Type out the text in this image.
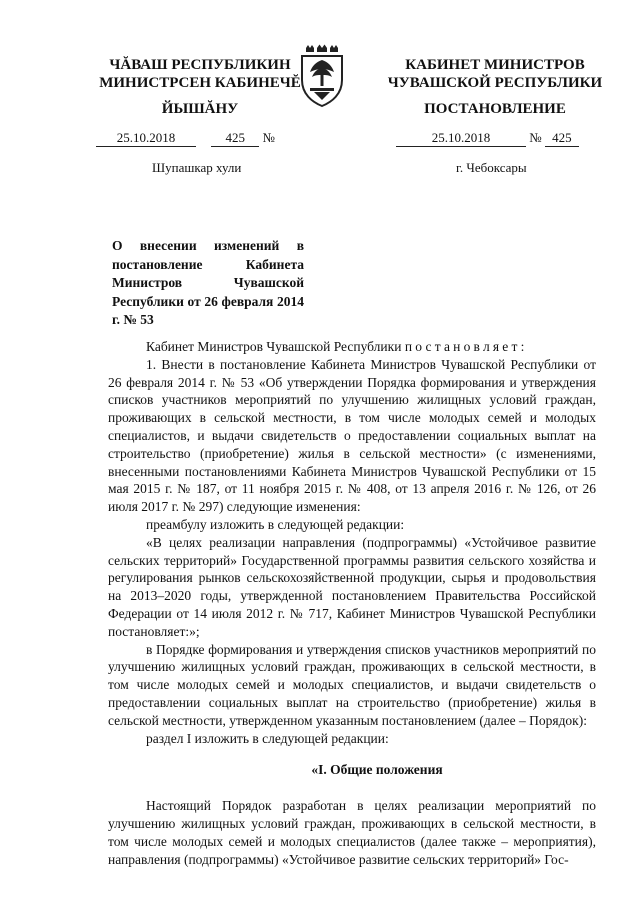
ЧĂВАШ РЕСПУБЛИКИН
МИНИСТРСЕН КАБИНЕЧĔ
ЙЫШĂНУ
КАБИНЕТ МИНИСТРОВ
ЧУВАШСКОЙ РЕСПУБЛИКИ
ПОСТАНОВЛЕНИЕ
25.10.2018	425 №	25.10.2018	№ 425
Шупашкар хули	г. Чебоксары
О внесении изменений в постановление Кабинета Министров Чувашской Республики от 26 февраля 2014 г. № 53

Кабинет Министров Чувашской Республики постановляет:

1. Внести в постановление Кабинета Министров Чувашской Республики от 26 февраля 2014 г. № 53 «Об утверждении Порядка формирования и утверждения списков участников мероприятий по улучшению жилищных условий граждан, проживающих в сельской местности, в том числе молодых семей и молодых специалистов, и выдачи свидетельств о предоставлении социальных выплат на строительство (приобретение) жилья в сельской местности» (с изменениями, внесенными постановлениями Кабинета Министров Чувашской Республики от 15 мая 2015 г. № 187, от 11 ноября 2015 г. № 408, от 13 апреля 2016 г. № 126, от 26 июля 2017 г. № 297) следующие изменения:

преамбулу изложить в следующей редакции:

«В целях реализации направления (подпрограммы) «Устойчивое развитие сельских территорий» Государственной программы развития сельского хозяйства и регулирования рынков сельскохозяйственной продукции, сырья и продовольствия на 2013–2020 годы, утвержденной постановлением Правительства Российской Федерации от 14 июля 2012 г. № 717, Кабинет Министров Чувашской Республики постановляет:»;

в Порядке формирования и утверждения списков участников мероприятий по улучшению жилищных условий граждан, проживающих в сельской местности, в том числе молодых семей и молодых специалистов, и выдачи свидетельств о предоставлении социальных выплат на строительство (приобретение) жилья в сельской местности, утвержденном указанным постановлением (далее – Порядок):

раздел I изложить в следующей редакции:

«I. Общие положения

Настоящий Порядок разработан в целях реализации мероприятий по улучшению жилищных условий граждан, проживающих в сельской местности, в том числе молодых семей и молодых специалистов (далее также – мероприятия), направления (подпрограммы) «Устойчивое развитие сельских территорий» Гос-
